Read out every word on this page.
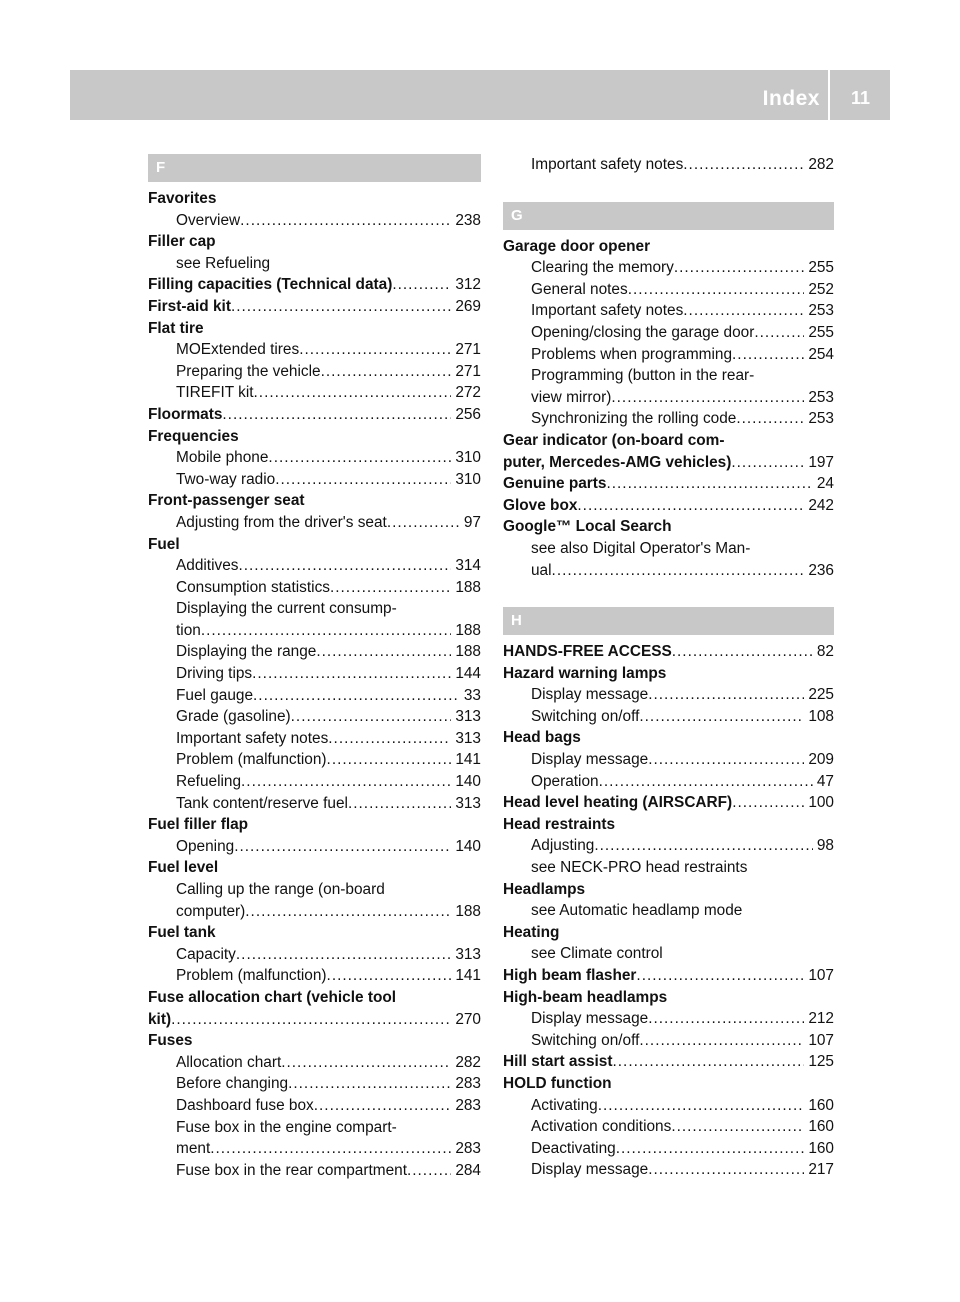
Index 11
F
Favorites
Overview .....	238
Filler cap
see Refueling
Filling capacities (Technical data) .....	312
First-aid kit .....	269
Flat tire
MOExtended tires .....	271
Preparing the vehicle .....	271
TIREFIT kit .....	272
Floormats .....	256
Frequencies
Mobile phone .....	310
Two-way radio .....	310
Front-passenger seat
Adjusting from the driver's seat .....	97
Fuel
Additives .....	314
Consumption statistics .....	188
Displaying the current consump-
tion .....	188
Displaying the range .....	188
Driving tips .....	144
Fuel gauge .....	33
Grade (gasoline) .....	313
Important safety notes .....	313
Problem (malfunction) .....	141
Refueling .....	140
Tank content/reserve fuel .....	313
Fuel filler flap
Opening .....	140
Fuel level
Calling up the range (on-board
computer) .....	188
Fuel tank
Capacity .....	313
Problem (malfunction) .....	141
Fuse allocation chart (vehicle tool
kit) .....	270
Fuses
Allocation chart .....	282
Before changing .....	283
Dashboard fuse box .....	283
Fuse box in the engine compart-
ment .....	283
Fuse box in the rear compartment .....	284
Important safety notes .....	282
G
Garage door opener
Clearing the memory .....	255
General notes .....	252
Important safety notes .....	253
Opening/closing the garage door .....	255
Problems when programming .....	254
Programming (button in the rear-
view mirror) .....	253
Synchronizing the rolling code .....	253
Gear indicator (on-board com-
puter, Mercedes-AMG vehicles) .....	197
Genuine parts .....	24
Glove box .....	242
Google™ Local Search
see also Digital Operator's Man-
ual .....	236
H
HANDS-FREE ACCESS .....	82
Hazard warning lamps
Display message .....	225
Switching on/off .....	108
Head bags
Display message .....	209
Operation .....	47
Head level heating (AIRSCARF) .....	100
Head restraints
Adjusting .....	98
see NECK-PRO head restraints
Headlamps
see Automatic headlamp mode
Heating
see Climate control
High beam flasher .....	107
High-beam headlamps
Display message .....	212
Switching on/off .....	107
Hill start assist .....	125
HOLD function
Activating .....	160
Activation conditions .....	160
Deactivating .....	160
Display message .....	217
